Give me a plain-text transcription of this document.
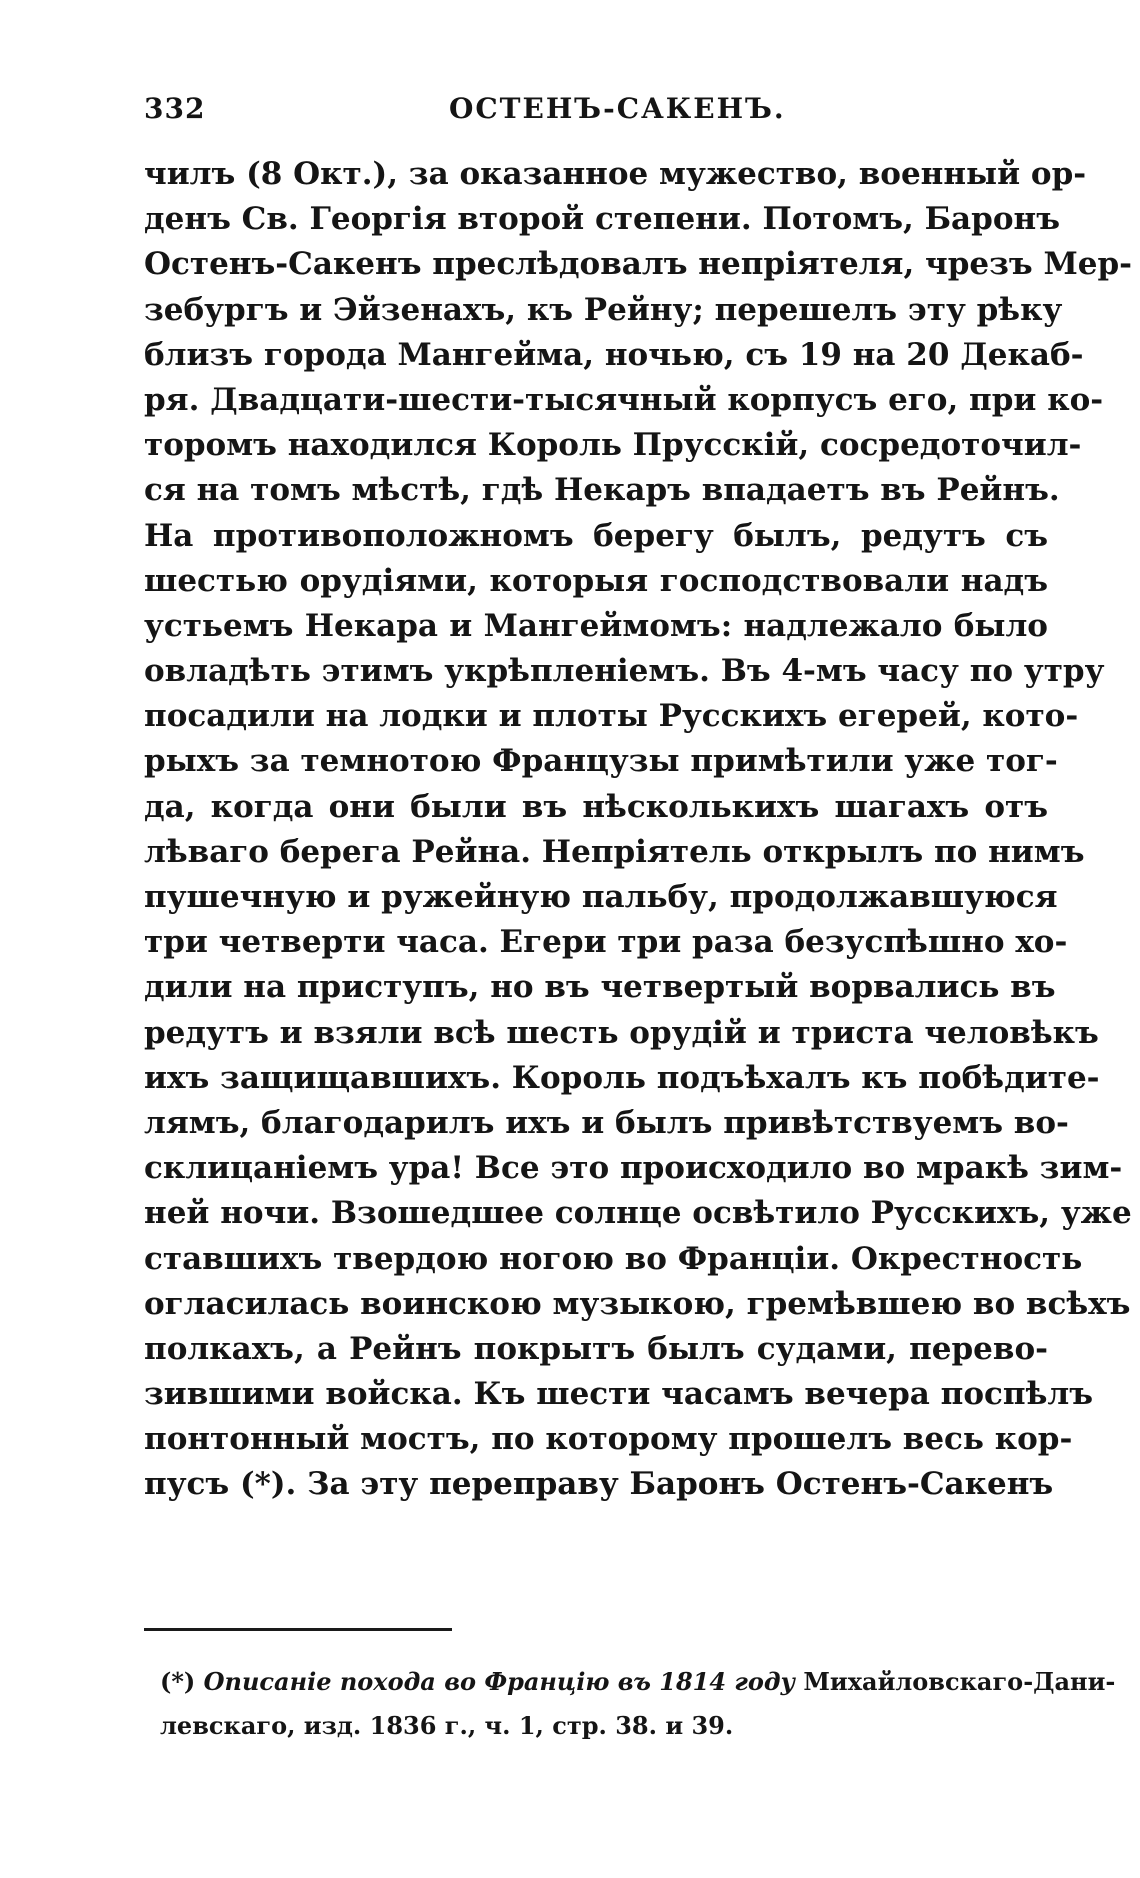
332	ОСТЕНЪ-САКЕНЪ.
чилъ (8 Окт.), за оказанное мужество, военный ор-
денъ Св. Георгія второй степени. Потомъ, Баронъ
Остенъ-Сакенъ преслѣдовалъ непріятеля, чрезъ Мер-
зебургъ и Эйзенахъ, къ Рейну; перешелъ эту рѣку
близъ города Мангейма, ночью, съ 19 на 20 Декаб-
ря. Двадцати-шести-тысячный корпусъ его, при ко-
торомъ находился Король Прусскій, сосредоточил-
ся на томъ мѣстѣ, гдѣ Некаръ впадаетъ въ Рейнъ.
На противоположномъ берегу былъ, редутъ съ
шестью орудіями, которыя господствовали надъ
устьемъ Некара и Мангеймомъ: надлежало было
овладѣть этимъ укрѣпленіемъ. Въ 4-мъ часу по утру
посадили на лодки и плоты Русскихъ егерей, кото-
рыхъ за темнотою Французы примѣтили уже тог-
да, когда они были въ нѣсколькихъ шагахъ отъ
лѣваго берега Рейна. Непріятель открылъ по нимъ
пушечную и ружейную пальбу, продолжавшуюся
три четверти часа. Егери три раза безуспѣшно хо-
дили на приступъ, но въ четвертый ворвались въ
редутъ и взяли всѣ шесть орудій и триста человѣкъ
ихъ защищавшихъ. Король подъѣхалъ къ побѣдите-
лямъ, благодарилъ ихъ и былъ привѣтствуемъ во-
склицаніемъ ура! Все это происходило во мракѣ зим-
ней ночи. Взошедшее солнце освѣтило Русскихъ, уже
ставшихъ твердою ногою во Франціи. Окрестность
огласилась воинскою музыкою, гремѣвшею во всѣхъ
полкахъ, а Рейнъ покрытъ былъ судами, перево-
зившими войска. Къ шести часамъ вечера поспѣлъ
понтонный мостъ, по которому прошелъ весь кор-
пусъ (*). За эту переправу Баронъ Остенъ-Сакенъ
(*) Описаніе похода во Францію въ 1814 году Михайловскаго-Дани-
левскаго, изд. 1836 г., ч. 1, стр. 38. и 39.
